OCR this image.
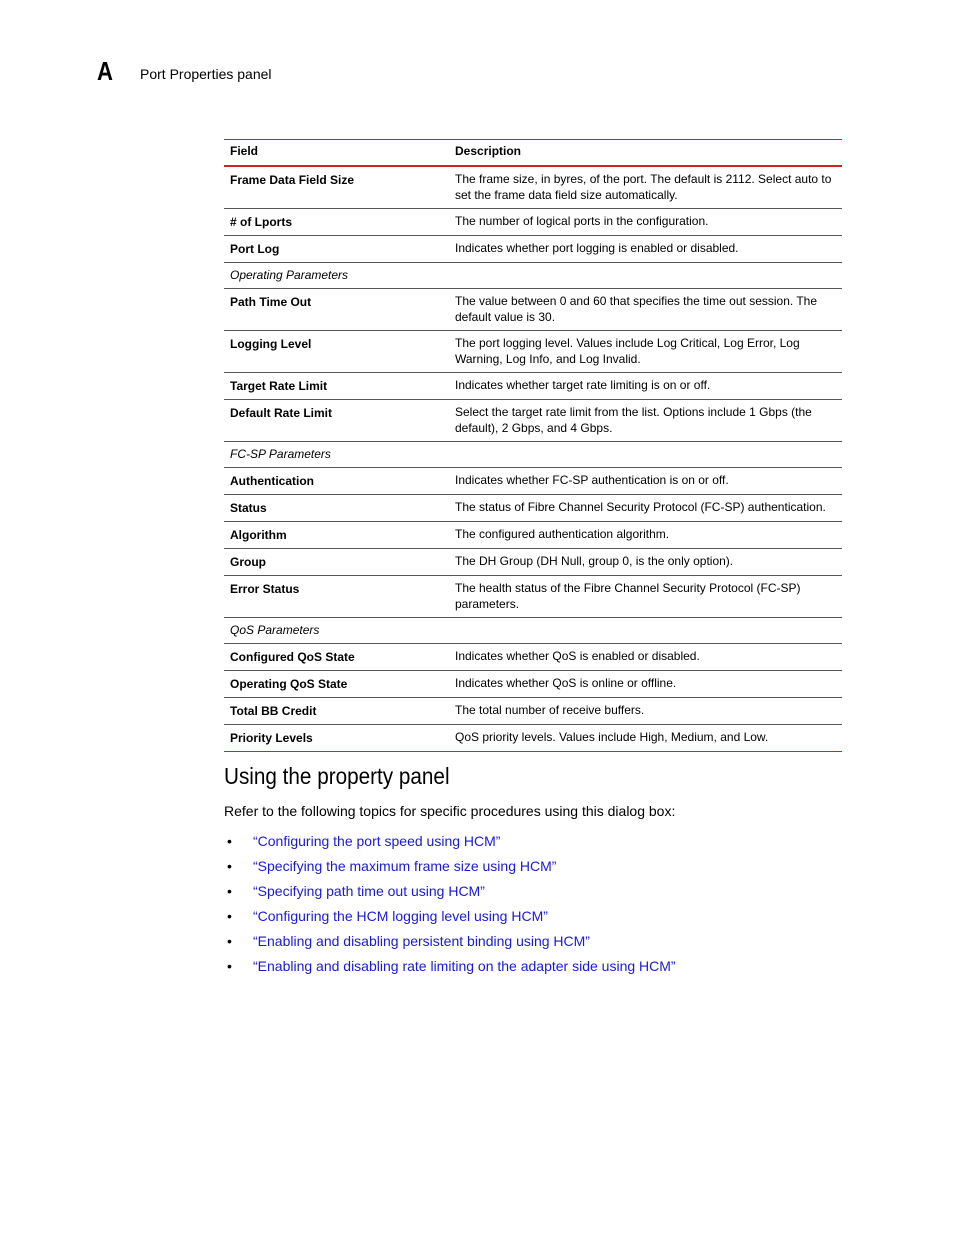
A Port Properties panel
Field	Description
Frame Data Field Size	The frame size, in byres, of the port. The default is 2112. Select auto to set the frame data field size automatically.
# of Lports	The number of logical ports in the configuration.
Port Log	Indicates whether port logging is enabled or disabled.
Operating Parameters	
Path Time Out	The value between 0 and 60 that specifies the time out session. The default value is 30.
Logging Level	The port logging level. Values include Log Critical, Log Error, Log Warning, Log Info, and Log Invalid.
Target Rate Limit	Indicates whether target rate limiting is on or off.
Default Rate Limit	Select the target rate limit from the list. Options include 1 Gbps (the default), 2 Gbps, and 4 Gbps.
FC-SP Parameters	
Authentication	Indicates whether FC-SP authentication is on or off.
Status	The status of Fibre Channel Security Protocol (FC-SP) authentication.
Algorithm	The configured authentication algorithm.
Group	The DH Group (DH Null, group 0, is the only option).
Error Status	The health status of the Fibre Channel Security Protocol (FC-SP) parameters.
QoS Parameters	
Configured QoS State	Indicates whether QoS is enabled or disabled.
Operating QoS State	Indicates whether QoS is online or offline.
Total BB Credit	The total number of receive buffers.
Priority Levels	QoS priority levels. Values include High, Medium, and Low.
Using the property panel

Refer to the following topics for specific procedures using this dialog box:

• “Configuring the port speed using HCM”
• “Specifying the maximum frame size using HCM”
• “Specifying path time out using HCM”
• “Configuring the HCM logging level using HCM”
• “Enabling and disabling persistent binding using HCM”
• “Enabling and disabling rate limiting on the adapter side using HCM”
